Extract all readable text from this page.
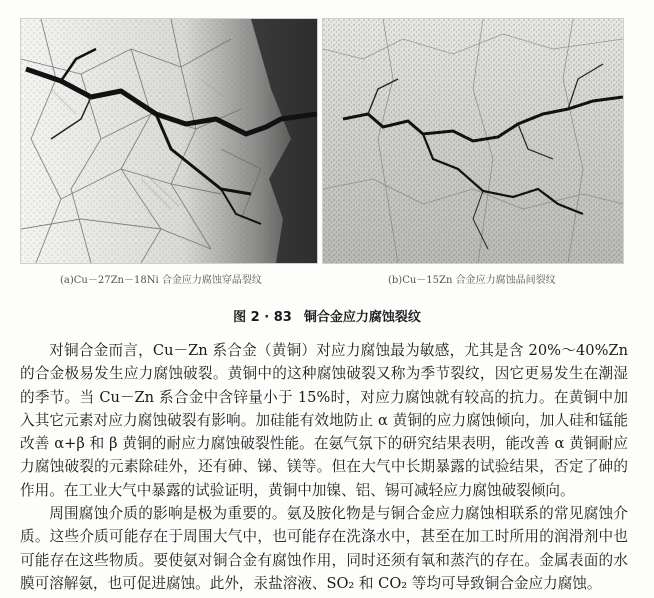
(a)Cu－27Zn－18Ni 合金应力腐蚀穿晶裂纹	(b)Cu－15Zn 合金应力腐蚀晶间裂纹
图 2 · 83 铜合金应力腐蚀裂纹

对铜合金而言，Cu－Zn 系合金（黄铜）对应力腐蚀最为敏感，尤其是含 20%～40%Zn 的合金极易发生应力腐蚀破裂。黄铜中的这种腐蚀破裂又称为季节裂纹，因它更易发生在潮湿的季节。当 Cu－Zn 系合金中含锌量小于 15%时，对应力腐蚀就有较高的抗力。在黄铜中加入其它元素对应力腐蚀破裂有影响。加硅能有效地防止 α 黄铜的应力腐蚀倾向，加人硅和锰能改善 α+β 和 β 黄铜的耐应力腐蚀破裂性能。在氨气氛下的研究结果表明，能改善 α 黄铜耐应力腐蚀破裂的元素除硅外，还有砷、锑、镁等。但在大气中长期暴露的试验结果，否定了砷的作用。在工业大气中暴露的试验证明，黄铜中加镍、铝、锡可减轻应力腐蚀破裂倾向。

周围腐蚀介质的影响是极为重要的。氨及胺化物是与铜合金应力腐蚀相联系的常见腐蚀介质。这些介质可能存在于周围大气中，也可能存在洗涤水中，甚至在加工时所用的润滑剂中也可能存在这些物质。要使氨对铜合金有腐蚀作用，同时还须有氧和蒸汽的存在。金属表面的水膜可溶解氨，也可促进腐蚀。此外，汞盐溶液、SO₂ 和 CO₂ 等均可导致铜合金应力腐蚀。
